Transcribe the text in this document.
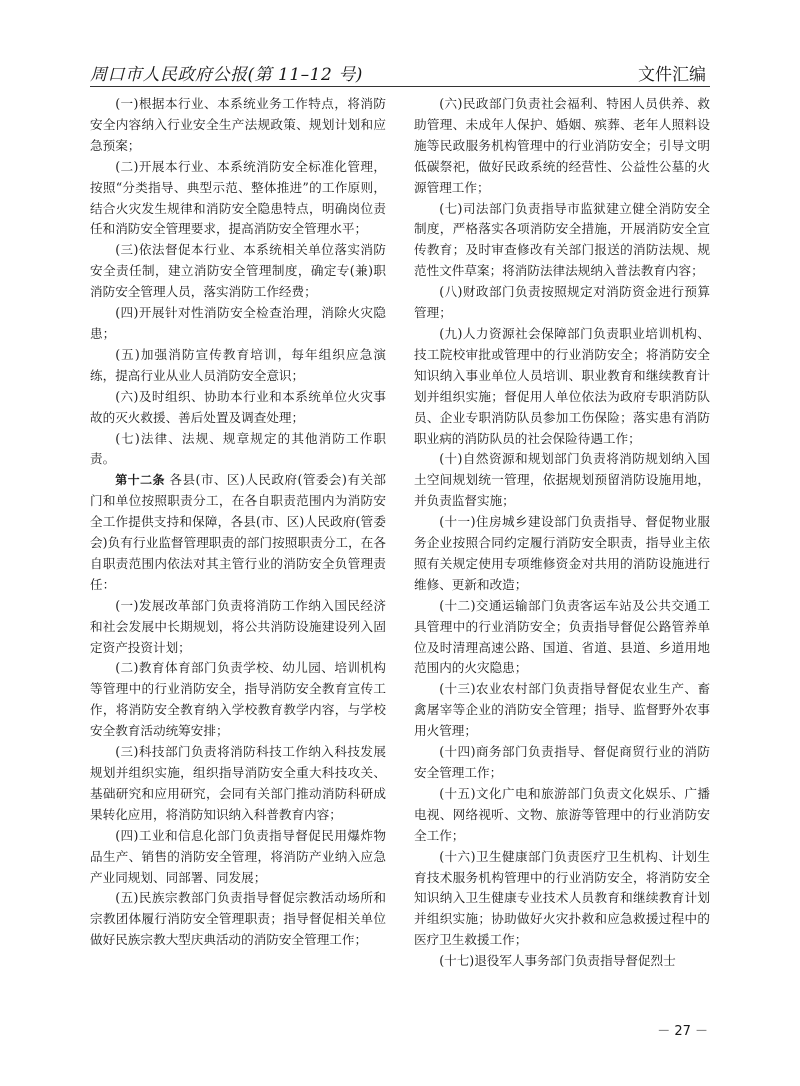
周口市人民政府公报(第 11–12 号)	文件汇编

(一)根据本行业、本系统业务工作特点，将消防安全内容纳入行业安全生产法规政策、规划计划和应急预案；

(二)开展本行业、本系统消防安全标准化管理，按照“分类指导、典型示范、整体推进”的工作原则，结合火灾发生规律和消防安全隐患特点，明确岗位责任和消防安全管理要求，提高消防安全管理水平；

(三)依法督促本行业、本系统相关单位落实消防安全责任制，建立消防安全管理制度，确定专(兼)职消防安全管理人员，落实消防工作经费；

(四)开展针对性消防安全检查治理，消除火灾隐患；

(五)加强消防宣传教育培训，每年组织应急演练，提高行业从业人员消防安全意识；

(六)及时组织、协助本行业和本系统单位火灾事故的灭火救援、善后处置及调查处理；

(七)法律、法规、规章规定的其他消防工作职责。

第十二条 各县(市、区)人民政府(管委会)有关部门和单位按照职责分工，在各自职责范围内为消防安全工作提供支持和保障，各县(市、区)人民政府(管委会)负有行业监督管理职责的部门按照职责分工，在各自职责范围内依法对其主管行业的消防安全负管理责任：

(一)发展改革部门负责将消防工作纳入国民经济和社会发展中长期规划，将公共消防设施建设列入固定资产投资计划；

(二)教育体育部门负责学校、幼儿园、培训机构等管理中的行业消防安全，指导消防安全教育宣传工作，将消防安全教育纳入学校教育教学内容，与学校安全教育活动统筹安排；

(三)科技部门负责将消防科技工作纳入科技发展规划并组织实施，组织指导消防安全重大科技攻关、基础研究和应用研究，会同有关部门推动消防科研成果转化应用，将消防知识纳入科普教育内容；

(四)工业和信息化部门负责指导督促民用爆炸物品生产、销售的消防安全管理，将消防产业纳入应急产业同规划、同部署、同发展；

(五)民族宗教部门负责指导督促宗教活动场所和宗教团体履行消防安全管理职责；指导督促相关单位做好民族宗教大型庆典活动的消防安全管理工作；

(六)民政部门负责社会福利、特困人员供养、救助管理、未成年人保护、婚姻、殡葬、老年人照料设施等民政服务机构管理中的行业消防安全；引导文明低碳祭祀，做好民政系统的经营性、公益性公墓的火源管理工作；

(七)司法部门负责指导市监狱建立健全消防安全制度，严格落实各项消防安全措施，开展消防安全宣传教育；及时审查修改有关部门报送的消防法规、规范性文件草案；将消防法律法规纳入普法教育内容；

(八)财政部门负责按照规定对消防资金进行预算管理；

(九)人力资源社会保障部门负责职业培训机构、技工院校审批或管理中的行业消防安全；将消防安全知识纳入事业单位人员培训、职业教育和继续教育计划并组织实施；督促用人单位依法为政府专职消防队员、企业专职消防队员参加工伤保险；落实患有消防职业病的消防队员的社会保险待遇工作；

(十)自然资源和规划部门负责将消防规划纳入国土空间规划统一管理，依据规划预留消防设施用地，并负责监督实施；

(十一)住房城乡建设部门负责指导、督促物业服务企业按照合同约定履行消防安全职责，指导业主依照有关规定使用专项维修资金对共用的消防设施进行维修、更新和改造；

(十二)交通运输部门负责客运车站及公共交通工具管理中的行业消防安全；负责指导督促公路管养单位及时清理高速公路、国道、省道、县道、乡道用地范围内的火灾隐患；

(十三)农业农村部门负责指导督促农业生产、畜禽屠宰等企业的消防安全管理；指导、监督野外农事用火管理；

(十四)商务部门负责指导、督促商贸行业的消防安全管理工作；

(十五)文化广电和旅游部门负责文化娱乐、广播电视、网络视听、文物、旅游等管理中的行业消防安全工作；

(十六)卫生健康部门负责医疗卫生机构、计划生育技术服务机构管理中的行业消防安全，将消防安全知识纳入卫生健康专业技术人员教育和继续教育计划并组织实施；协助做好火灾扑救和应急救援过程中的医疗卫生救援工作；

(十七)退役军人事务部门负责指导督促烈士

－ 27 －
